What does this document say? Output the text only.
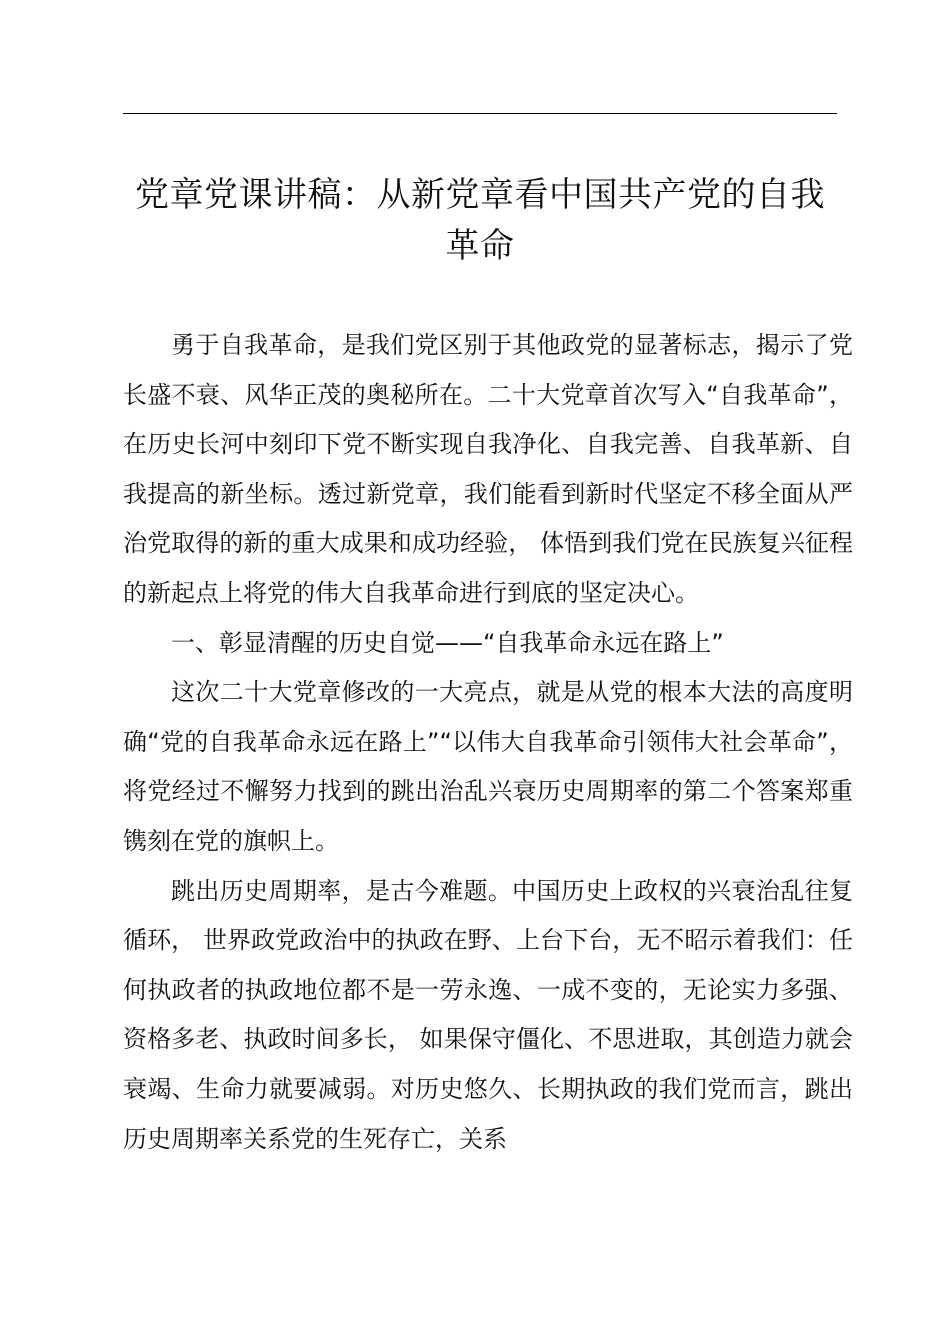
党章党课讲稿：从新党章看中国共产党的自我
革命

勇于自我革命，是我们党区别于其他政党的显著标志，揭示了党长盛不衰、风华正茂的奥秘所在。二十大党章首次写入“自我革命”，在历史长河中刻印下党不断实现自我净化、自我完善、自我革新、自我提高的新坐标。透过新党章，我们能看到新时代坚定不移全面从严治党取得的新的重大成果和成功经验， 体悟到我们党在民族复兴征程的新起点上将党的伟大自我革命进行到底的坚定决心。

一、彰显清醒的历史自觉——“自我革命永远在路上”

这次二十大党章修改的一大亮点，就是从党的根本大法的高度明确“党的自我革命永远在路上”“以伟大自我革命引领伟大社会革命”，将党经过不懈努力找到的跳出治乱兴衰历史周期率的第二个答案郑重镌刻在党的旗帜上。

跳出历史周期率，是古今难题。中国历史上政权的兴衰治乱往复循环， 世界政党政治中的执政在野、上台下台，无不昭示着我们：任何执政者的执政地位都不是一劳永逸、一成不变的，无论实力多强、资格多老、执政时间多长， 如果保守僵化、不思进取，其创造力就会衰竭、生命力就要减弱。对历史悠久、长期执政的我们党而言，跳出历史周期率关系党的生死存亡，关系
